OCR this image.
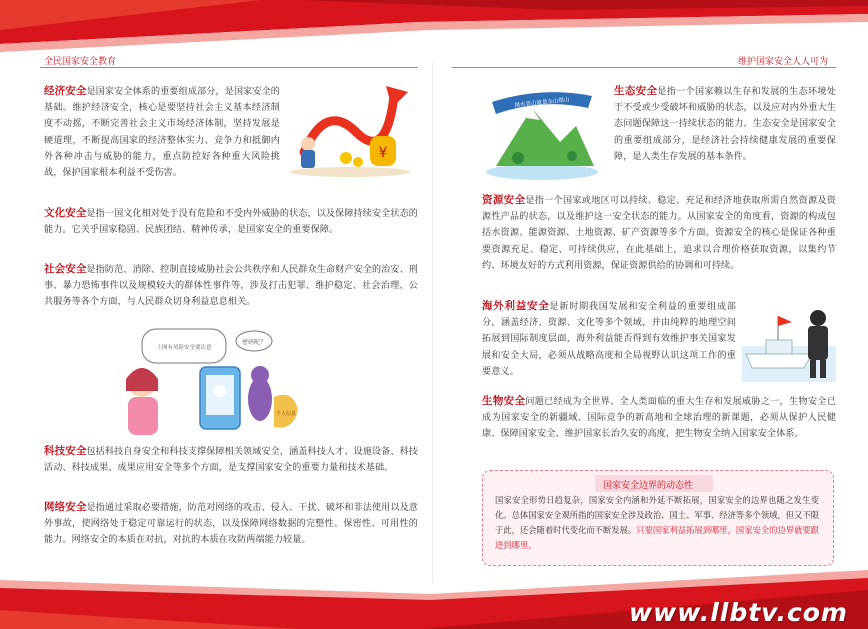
全民国家安全教育	维护国家安全人人可为
经济安全是国家安全体系的重要组成部分，是国家安全的基础。维护经济安全，核心是要坚持社会主义基本经济制度不动摇，不断完善社会主义市场经济体制，坚持发展是硬道理，不断提高国家的经济整体实力、竞争力和抵御内外各种冲击与威胁的能力，重点防控好各种重大风险挑战，保护国家根本利益不受伤害。
¥
文化安全是指一国文化相对处于没有危险和不受内外威胁的状态，以及保障持续安全状态的能力。它关乎国家稳固、民族团结、精神传承，是国家安全的重要保障。
社会安全是指防范、消除、控制直接威胁社会公共秩序和人民群众生命财产安全的治安、刑事、暴力恐怖事件以及规模较大的群体性事件等，涉及打击犯罪、维护稳定、社会治理、公共服务等各个方面，与人民群众切身利益息息相关。
上网有风险安全要注意
密码呢？
个人信息
科技安全包括科技自身安全和科技支撑保障相关领域安全，涵盖科技人才、设施设备、科技活动、科技成果、成果应用安全等多个方面，是支撑国家安全的重要力量和技术基础。
网络安全是指通过采取必要措施，防范对网络的攻击、侵入、干扰、破坏和非法使用以及意外事故，使网络处于稳定可靠运行的状态，以及保障网络数据的完整性、保密性、可用性的能力。网络安全的本质在对抗，对抗的本质在攻防两端能力较量。
绿水青山就是金山银山
生态安全是指一个国家赖以生存和发展的生态环境处于不受或少受破坏和威胁的状态，以及应对内外重大生态问题保障这一持续状态的能力。生态安全是国家安全的重要组成部分，是经济社会持续健康发展的重要保障，是人类生存发展的基本条件。
资源安全是指一个国家或地区可以持续、稳定、充足和经济地获取所需自然资源及资源性产品的状态，以及维护这一安全状态的能力。从国家安全的角度看，资源的构成包括水资源、能源资源、土地资源、矿产资源等多个方面。资源安全的核心是保证各种重要资源充足、稳定、可持续供应，在此基础上，追求以合理价格获取资源，以集约节约、环境友好的方式利用资源，保证资源供给的协调和可持续。
海外利益安全是新时期我国发展和安全利益的重要组成部分，涵盖经济、资源、文化等多个领域，并由纯粹的地理空间拓展到国际制度层面，海外利益能否得到有效维护事关国家发展和安全大局，必须从战略高度和全局视野认识这项工作的重要意义。
生物安全问题已经成为全世界、全人类面临的重大生存和发展威胁之一，生物安全已成为国家安全的新疆域、国际竞争的新高地和全球治理的新课题，必须从保护人民健康、保障国家安全、维护国家长治久安的高度，把生物安全纳入国家安全体系。
国家安全边界的动态性
国家安全形势日趋复杂，国家安全内涵和外延不断拓展，国家安全的边界也随之发生变化。总体国家安全观所指的国家安全涉及政治、国土、军事、经济等多个领域，但又不限于此，还会随着时代变化而不断发展。只要国家利益拓展到哪里，国家安全的边界就要跟进到哪里。
www.llbtv.com
